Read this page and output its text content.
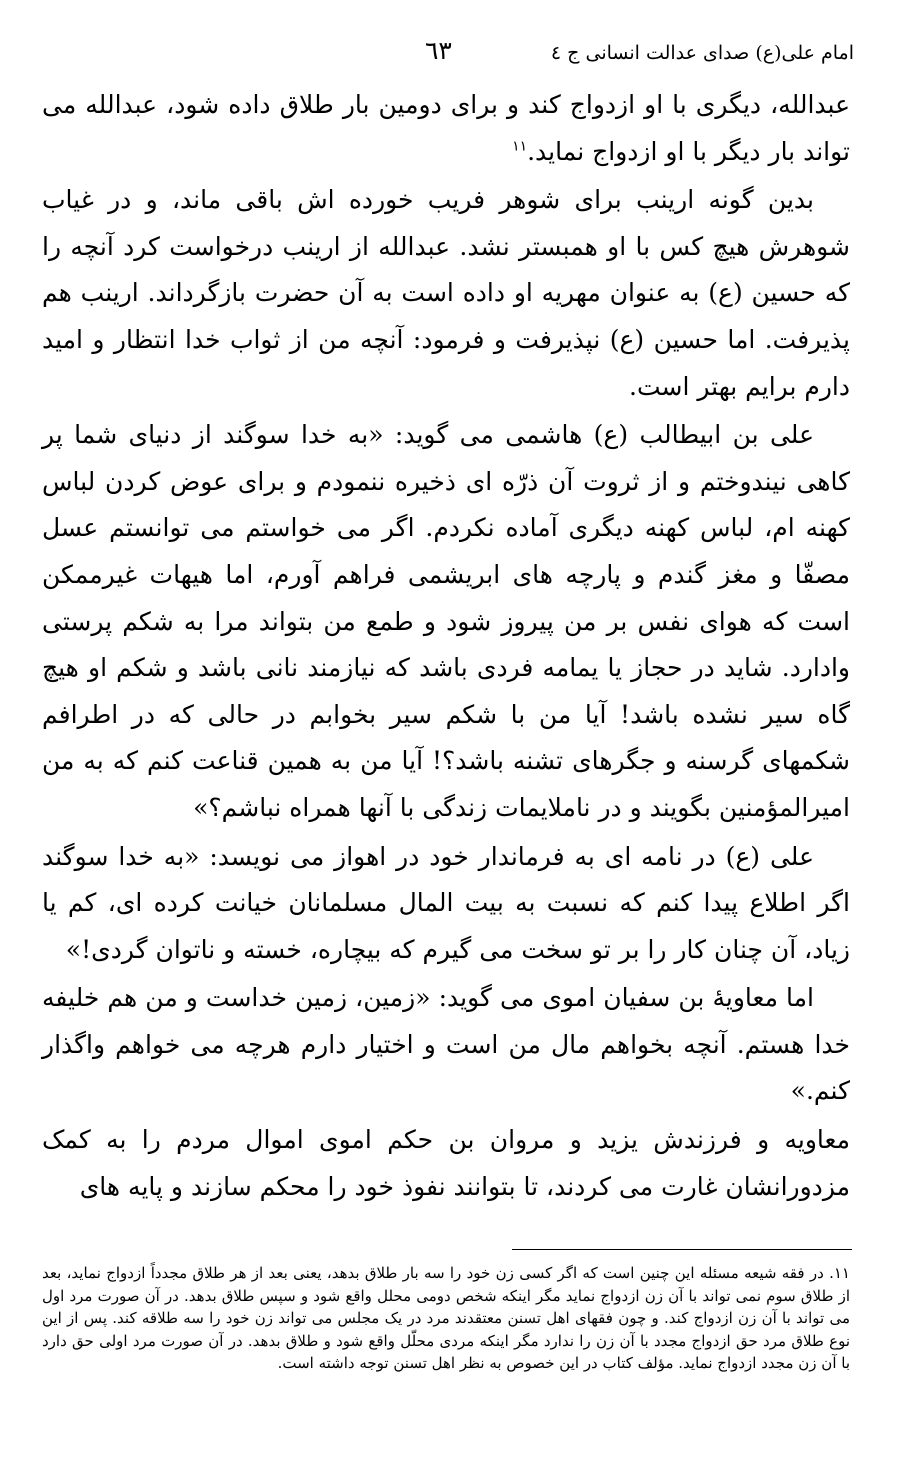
امام علی(ع) صدای عدالت انسانی ج ٤
٦٣

عبدالله، دیگری با او ازدواج کند و برای دومین بار طلاق داده شود، عبدالله می تواند بار دیگر با او ازدواج نماید.$^{١١}$

بدین گونه ارینب برای شوهر فریب خورده اش باقی ماند، و در غیاب شوهرش هیچ کس با او همبستر نشد. عبدالله از ارینب درخواست کرد آنچه را که حسین (ع) به عنوان مهریه او داده است به آن حضرت بازگرداند. ارینب هم پذیرفت. اما حسین (ع) نپذیرفت و فرمود: آنچه من از ثواب خدا انتظار و امید دارم برایم بهتر است.

علی بن ابیطالب (ع) هاشمی می گوید: «به خدا سوگند از دنیای شما پر کاهی نیندوختم و از ثروت آن ذرّه ای ذخیره ننمودم و برای عوض کردن لباس کهنه ام، لباس کهنه دیگری آماده نکردم. اگر می خواستم می توانستم عسل مصفّا و مغز گندم و پارچه های ابریشمی فراهم آورم، اما هیهات غیرممکن است که هوای نفس بر من پیروز شود و طمع من بتواند مرا به شکم پرستی وادارد. شاید در حجاز یا یمامه فردی باشد که نیازمند نانی باشد و شکم او هیچ گاه سیر نشده باشد! آیا من با شکم سیر بخوابم در حالی که در اطرافم شکمهای گرسنه و جگرهای تشنه باشد؟! آیا من به همین قناعت کنم که به من امیرالمؤمنین بگویند و در ناملایمات زندگی با آنها همراه نباشم؟»

علی (ع) در نامه ای به فرماندار خود در اهواز می نویسد: «به خدا سوگند اگر اطلاع پیدا کنم که نسبت به بیت المال مسلمانان خیانت کرده ای، کم یا زیاد، آن چنان کار را بر تو سخت می گیرم که بیچاره، خسته و ناتوان گردی!»

اما معاویهٔ بن سفیان اموی می گوید: «زمین، زمین خداست و من هم خلیفه خدا هستم. آنچه بخواهم مال من است و اختیار دارم هرچه می خواهم واگذار کنم.»

معاویه و فرزندش یزید و مروان بن حکم اموی اموال مردم را به کمک مزدورانشان غارت می کردند، تا بتوانند نفوذ خود را محکم سازند و پایه های

١١. در فقه شیعه مسئله این چنین است که اگر کسی زن خود را سه بار طلاق بدهد، یعنی بعد از هر طلاق مجدداً ازدواج نماید، بعد از طلاق سوم نمی تواند با آن زن ازدواج نماید مگر اینکه شخص دومی محلل واقع شود و سپس طلاق بدهد. در آن صورت مرد اول می تواند با آن زن ازدواج کند. و چون فقهای اهل تسنن معتقدند مرد در یک مجلس می تواند زن خود را سه طلاقه کند. پس از این نوع طلاق مرد حق ازدواج مجدد با آن زن را ندارد مگر اینکه مردی محلّل واقع شود و طلاق بدهد. در آن صورت مرد اولی حق دارد با آن زن مجدد ازدواج نماید. مؤلف کتاب در این خصوص به نظر اهل تسنن توجه داشته است.
